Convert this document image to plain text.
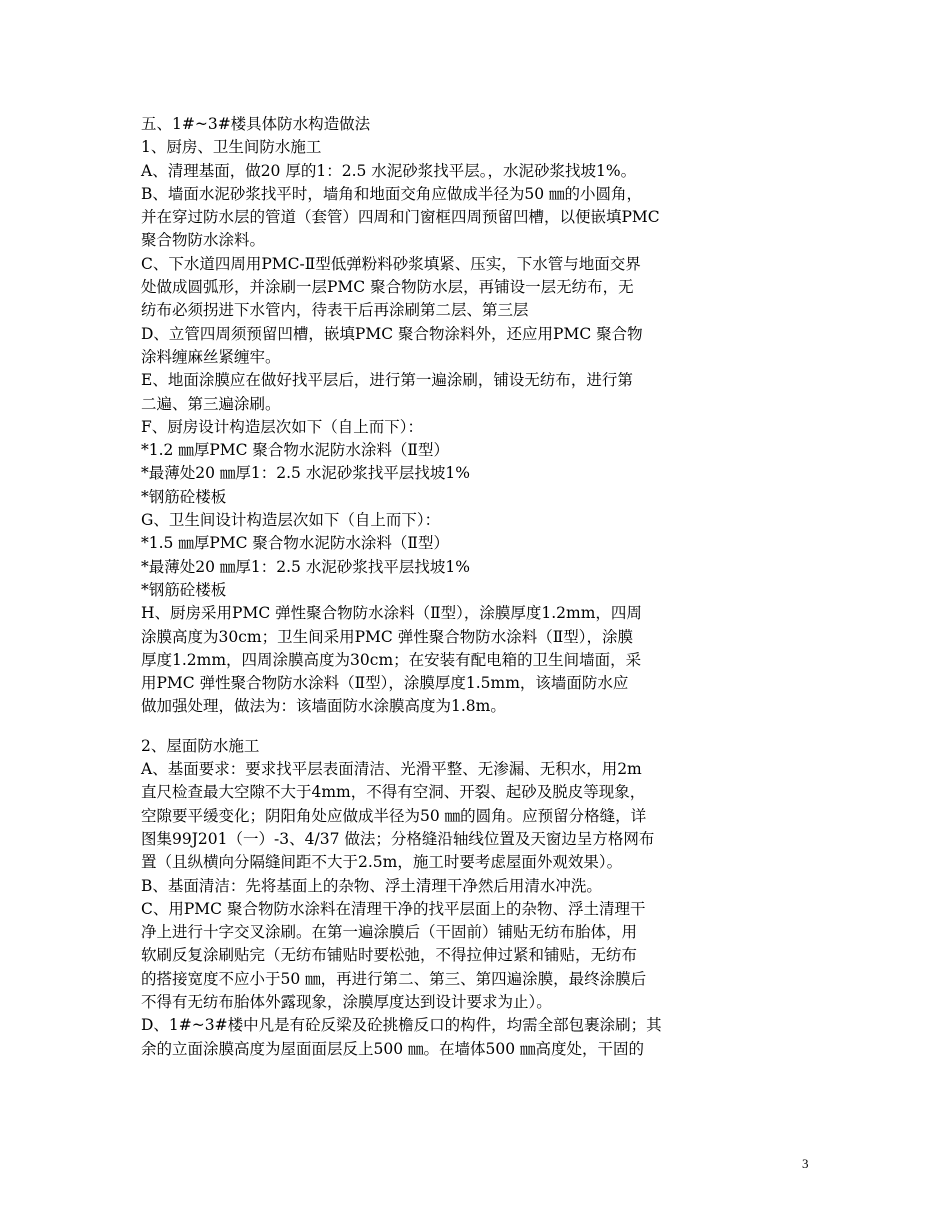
五、1#~3#楼具体防水构造做法
1、厨房、卫生间防水施工
A、清理基面，做20 厚的1：2.5 水泥砂浆找平层。，水泥砂浆找坡1%。
B、墙面水泥砂浆找平时，墙角和地面交角应做成半径为50 ㎜的小圆角，
并在穿过防水层的管道（套管）四周和门窗框四周预留凹槽，以便嵌填PMC
聚合物防水涂料。
C、下水道四周用PMC-Ⅱ型低弹粉料砂浆填紧、压实，下水管与地面交界
处做成圆弧形，并涂刷一层PMC 聚合物防水层，再铺设一层无纺布，无
纺布必须拐进下水管内，待表干后再涂刷第二层、第三层
D、立管四周须预留凹槽，嵌填PMC 聚合物涂料外，还应用PMC 聚合物
涂料缠麻丝紧缠牢。
E、地面涂膜应在做好找平层后，进行第一遍涂刷，铺设无纺布，进行第
二遍、第三遍涂刷。
F、厨房设计构造层次如下（自上而下）：
*1.2 ㎜厚PMC 聚合物水泥防水涂料（Ⅱ型）
*最薄处20 ㎜厚1：2.5 水泥砂浆找平层找坡1%
*钢筋砼楼板
G、卫生间设计构造层次如下（自上而下）：
*1.5 ㎜厚PMC 聚合物水泥防水涂料（Ⅱ型）
*最薄处20 ㎜厚1：2.5 水泥砂浆找平层找坡1%
*钢筋砼楼板
H、厨房采用PMC 弹性聚合物防水涂料（Ⅱ型），涂膜厚度1.2mm，四周
涂膜高度为30cm；卫生间采用PMC 弹性聚合物防水涂料（Ⅱ型），涂膜
厚度1.2mm，四周涂膜高度为30cm；在安装有配电箱的卫生间墙面，采
用PMC 弹性聚合物防水涂料（Ⅱ型），涂膜厚度1.5mm，该墙面防水应
做加强处理，做法为：该墙面防水涂膜高度为1.8m。
2、屋面防水施工
A、基面要求：要求找平层表面清洁、光滑平整、无渗漏、无积水，用2m
直尺检查最大空隙不大于4mm，不得有空洞、开裂、起砂及脱皮等现象，
空隙要平缓变化；阴阳角处应做成半径为50 ㎜的圆角。应预留分格缝，详
图集99J201（一）-3、4/37 做法；分格缝沿轴线位置及天窗边呈方格网布
置（且纵横向分隔缝间距不大于2.5m，施工时要考虑屋面外观效果）。
B、基面清洁：先将基面上的杂物、浮土清理干净然后用清水冲洗。
C、用PMC 聚合物防水涂料在清理干净的找平层面上的杂物、浮土清理干
净上进行十字交叉涂刷。在第一遍涂膜后（干固前）铺贴无纺布胎体，用
软刷反复涂刷贴完（无纺布铺贴时要松弛，不得拉伸过紧和铺贴，无纺布
的搭接宽度不应小于50 ㎜，再进行第二、第三、第四遍涂膜，最终涂膜后
不得有无纺布胎体外露现象，涂膜厚度达到设计要求为止）。
D、1#~3#楼中凡是有砼反梁及砼挑檐反口的构件，均需全部包裹涂刷；其
余的立面涂膜高度为屋面面层反上500 ㎜。在墙体500 ㎜高度处，干固的
3
